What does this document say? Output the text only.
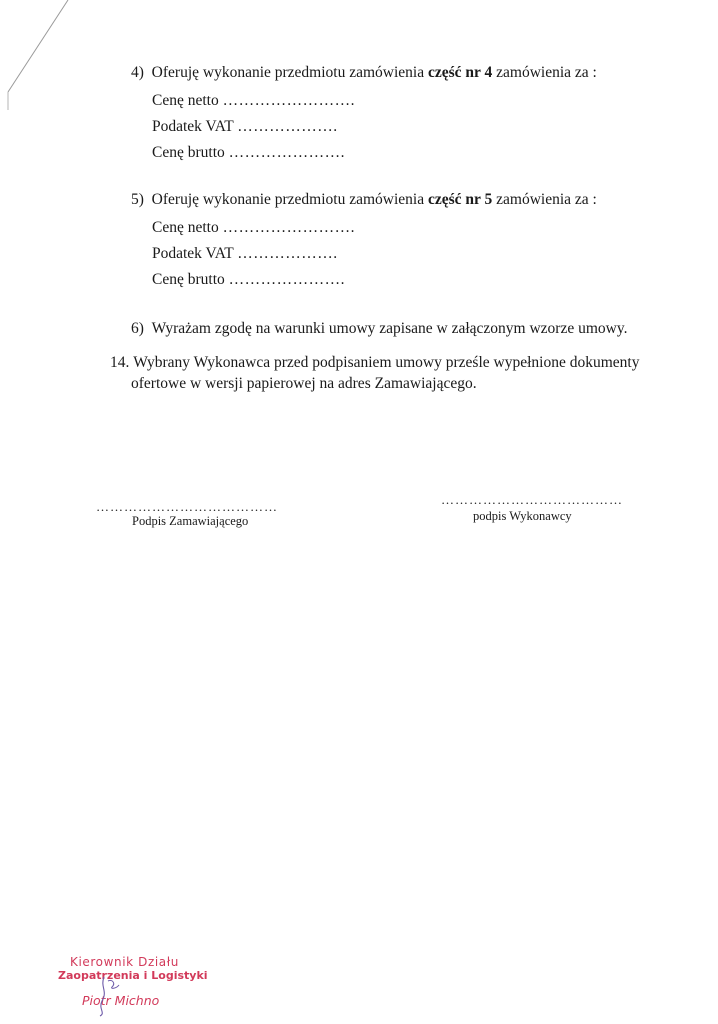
4) Oferuję wykonanie przedmiotu zamówienia część nr 4 zamówienia za :
Cenę netto …………………….
Podatek VAT ……………….
Cenę brutto ………………….
5) Oferuję wykonanie przedmiotu zamówienia część nr 5 zamówienia za :
Cenę netto …………………….
Podatek VAT ……………….
Cenę brutto ………………….
6) Wyrażam zgodę na warunki umowy zapisane w załączonym wzorze umowy.
14. Wybrany Wykonawca przed podpisaniem umowy prześle wypełnione dokumenty
ofertowe w wersji papierowej na adres Zamawiającego.
…………………………………
Podpis Zamawiającego
…………………………………
podpis Wykonawcy
Kierownik Działu
Zaopatrzenia i Logistyki
Piotr Michno
